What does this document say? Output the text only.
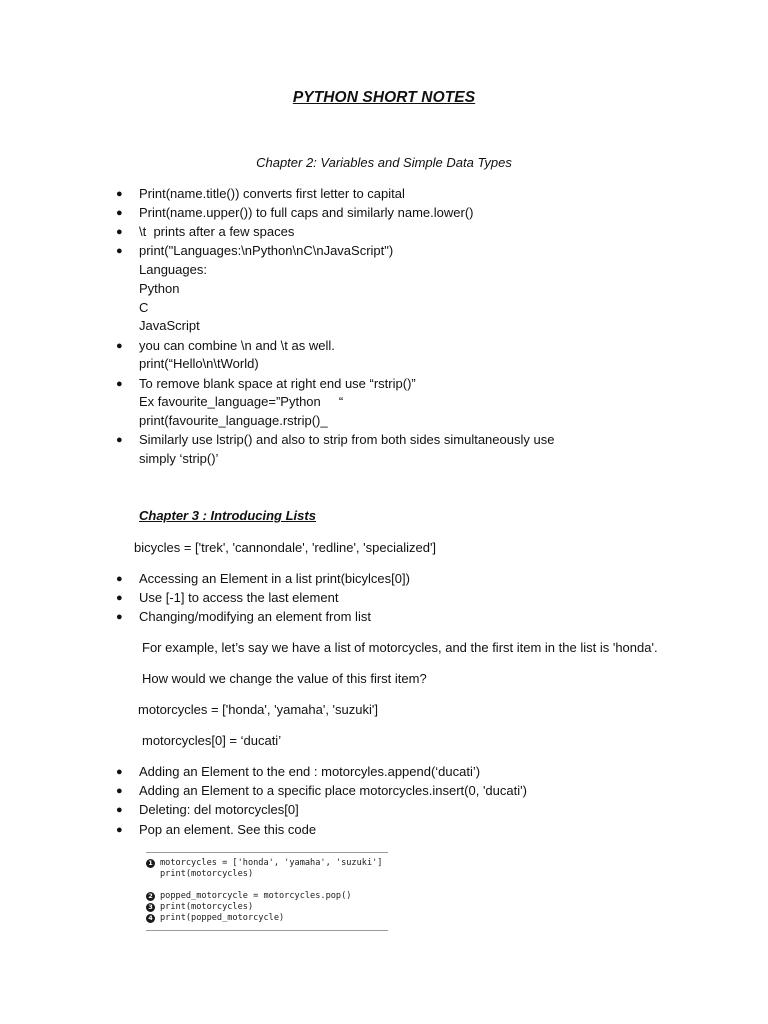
PYTHON SHORT NOTES
Chapter 2: Variables and Simple Data Types
● Print(name.title()) converts first letter to capital
● Print(name.upper()) to full caps and similarly name.lower()
● \t  prints after a few spaces
● print("Languages:\nPython\nC\nJavaScript")
Languages:
Python
C
JavaScript
● you can combine \n and \t as well.
print(“Hello\n\tWorld)
● To remove blank space at right end use “rstrip()”
Ex favourite_language=”Python     “
print(favourite_language.rstrip()_
● Similarly use lstrip() and also to strip from both sides simultaneously use
simply ‘strip()’
Chapter 3 : Introducing Lists
bicycles = ['trek', 'cannondale', 'redline', 'specialized']
● Accessing an Element in a list print(bicylces[0])
● Use [-1] to access the last element
● Changing/modifying an element from list
For example, let’s say we have a list of motorcycles, and the first item in the list is 'honda'.
How would we change the value of this first item?
motorcycles = ['honda', 'yamaha', 'suzuki']
motorcycles[0] = ‘ducati’
● Adding an Element to the end : motorcyles.append(‘ducati’)
● Adding an Element to a specific place motorcycles.insert(0, 'ducati')
● Deleting: del motorcycles[0]
● Pop an element. See this code
1 motorcycles = ['honda', 'yamaha', 'suzuki']
print(motorcycles)
2 popped_motorcycle = motorcycles.pop()
3 print(motorcycles)
4 print(popped_motorcycle)
